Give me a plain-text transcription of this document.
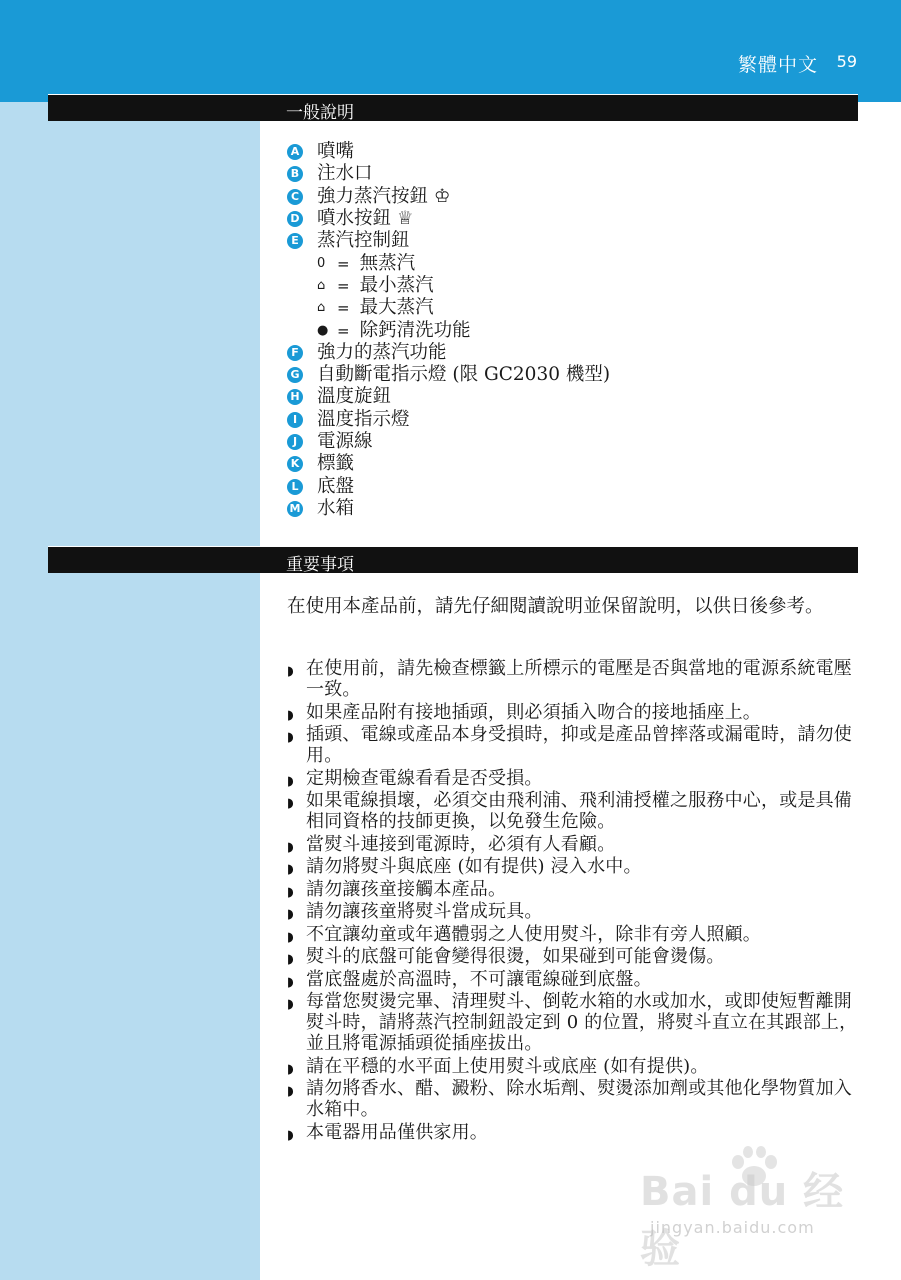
繁體中文 59
一般說明
A 噴嘴
B 注水口
C 強力蒸汽按鈕 ♔
D 噴水按鈕 ♕
E 蒸汽控制鈕
0 = 無蒸汽
⌂ = 最小蒸汽
⌂ = 最大蒸汽
● = 除鈣清洗功能
F 強力的蒸汽功能
G 自動斷電指示燈 (限 GC2030 機型)
H 溫度旋鈕
I	溫度指示燈
J	電源線
K 標籤
L 底盤
M 水箱
重要事項

在使用本產品前，請先仔細閱讀說明並保留說明，以供日後參考。

◗ 在使用前，請先檢查標籤上所標示的電壓是否與當地的電源系統電壓一致。
◗ 如果產品附有接地插頭，則必須插入吻合的接地插座上。
◗ 插頭、電線或產品本身受損時，抑或是產品曾摔落或漏電時，請勿使用。
◗ 定期檢查電線看看是否受損。
◗ 如果電線損壞，必須交由飛利浦、飛利浦授權之服務中心，或是具備相同資格的技師更換，以免發生危險。
◗ 當熨斗連接到電源時，必須有人看顧。
◗ 請勿將熨斗與底座 (如有提供) 浸入水中。
◗ 請勿讓孩童接觸本產品。
◗ 請勿讓孩童將熨斗當成玩具。
◗ 不宜讓幼童或年邁體弱之人使用熨斗，除非有旁人照顧。
◗ 熨斗的底盤可能會變得很燙，如果碰到可能會燙傷。
◗ 當底盤處於高溫時，不可讓電線碰到底盤。
◗ 每當您熨燙完畢、清理熨斗、倒乾水箱的水或加水，或即使短暫離開熨斗時，請將蒸汽控制鈕設定到 0 的位置，將熨斗直立在其跟部上，並且將電源插頭從插座拔出。
◗ 請在平穩的水平面上使用熨斗或底座 (如有提供)。
◗ 請勿將香水、醋、澱粉、除水垢劑、熨燙添加劑或其他化學物質加入水箱中。
◗ 本電器用品僅供家用。
Bai du 经验
jingyan.baidu.com
